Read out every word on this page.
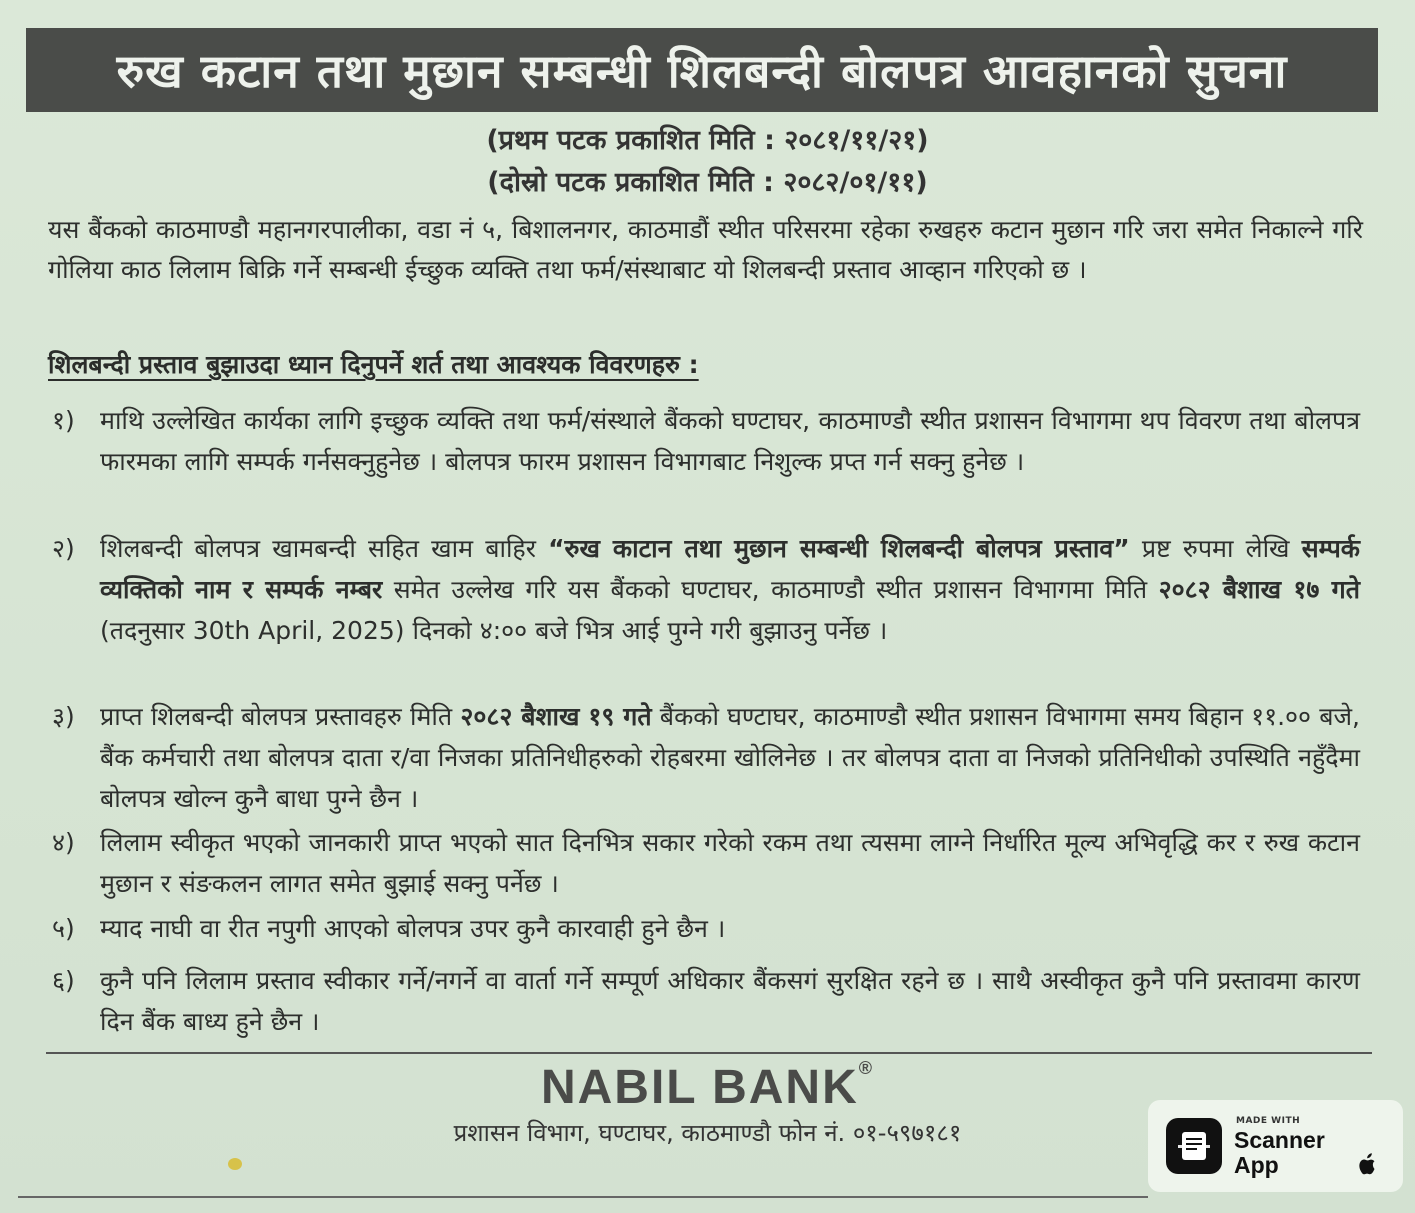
रुख कटान तथा मुछान सम्बन्धी शिलबन्दी बोलपत्र आवहानको सुचना
(प्रथम पटक प्रकाशित मिति : २०८१/११/२१)
(दोस्रो पटक प्रकाशित मिति : २०८२/०१/११)
यस बैंकको काठमाण्डौ महानगरपालीका, वडा नं ५, बिशालनगर, काठमाडौं स्थीत परिसरमा रहेका रुखहरु कटान मुछान गरि जरा समेत निकाल्ने गरि गोलिया काठ लिलाम बिक्रि गर्ने सम्बन्धी ईच्छुक व्यक्ति तथा फर्म/संस्थाबाट यो शिलबन्दी प्रस्ताव आव्हान गरिएको छ ।
शिलबन्दी प्रस्ताव बुझाउदा ध्यान दिनुपर्ने शर्त तथा आवश्यक विवरणहरु :
१)	माथि उल्लेखित कार्यका लागि इच्छुक व्यक्ति तथा फर्म/संस्थाले बैंकको घण्टाघर, काठमाण्डौ स्थीत प्रशासन विभागमा थप विवरण तथा बोलपत्र फारमका लागि सम्पर्क गर्नसक्नुहुनेछ । बोलपत्र फारम प्रशासन विभागबाट निशुल्क प्रप्त गर्न सक्नु हुनेछ ।
२)	शिलबन्दी बोलपत्र खामबन्दी सहित खाम बाहिर “रुख काटान तथा मुछान सम्बन्धी शिलबन्दी बोलपत्र प्रस्ताव” प्रष्ट रुपमा लेखि सम्पर्क व्यक्तिको नाम र सम्पर्क नम्बर समेत उल्लेख गरि यस बैंकको घण्टाघर, काठमाण्डौ स्थीत प्रशासन विभागमा मिति २०८२ बैशाख १७ गते (तदनुसार 30th April, 2025) दिनको ४:०० बजे भित्र आई पुग्ने गरी बुझाउनु पर्नेछ ।
३)	प्राप्त शिलबन्दी बोलपत्र प्रस्तावहरु मिति २०८२ बैशाख १९ गते बैंकको घण्टाघर, काठमाण्डौ स्थीत प्रशासन विभागमा समय बिहान ११.०० बजे, बैंक कर्मचारी तथा बोलपत्र दाता र/वा निजका प्रतिनिधीहरुको रोहबरमा खोलिनेछ । तर बोलपत्र दाता वा निजको प्रतिनिधीको उपस्थिति नहुँदैमा बोलपत्र खोल्न कुनै बाधा पुग्ने छैन ।
४)	लिलाम स्वीकृत भएको जानकारी प्राप्त भएको सात दिनभित्र सकार गरेको रकम तथा त्यसमा लाग्ने निर्धारित मूल्य अभिवृद्धि कर र रुख कटान मुछान र संङकलन लागत समेत बुझाई सक्नु पर्नेछ ।
५)	म्याद नाघी वा रीत नपुगी आएको बोलपत्र उपर कुनै कारवाही हुने छैन ।
६)	कुनै पनि लिलाम प्रस्ताव स्वीकार गर्ने/नगर्ने वा वार्ता गर्ने सम्पूर्ण अधिकार बैंकसगं सुरक्षित रहने छ । साथै अस्वीकृत कुनै पनि प्रस्तावमा कारण दिन बैंक बाध्य हुने छैन ।
NABIL BANK®
प्रशासन विभाग, घण्टाघर, काठमाण्डौ फोन नं. ०१-५९७१८१	MADE WITH
Scanner App
